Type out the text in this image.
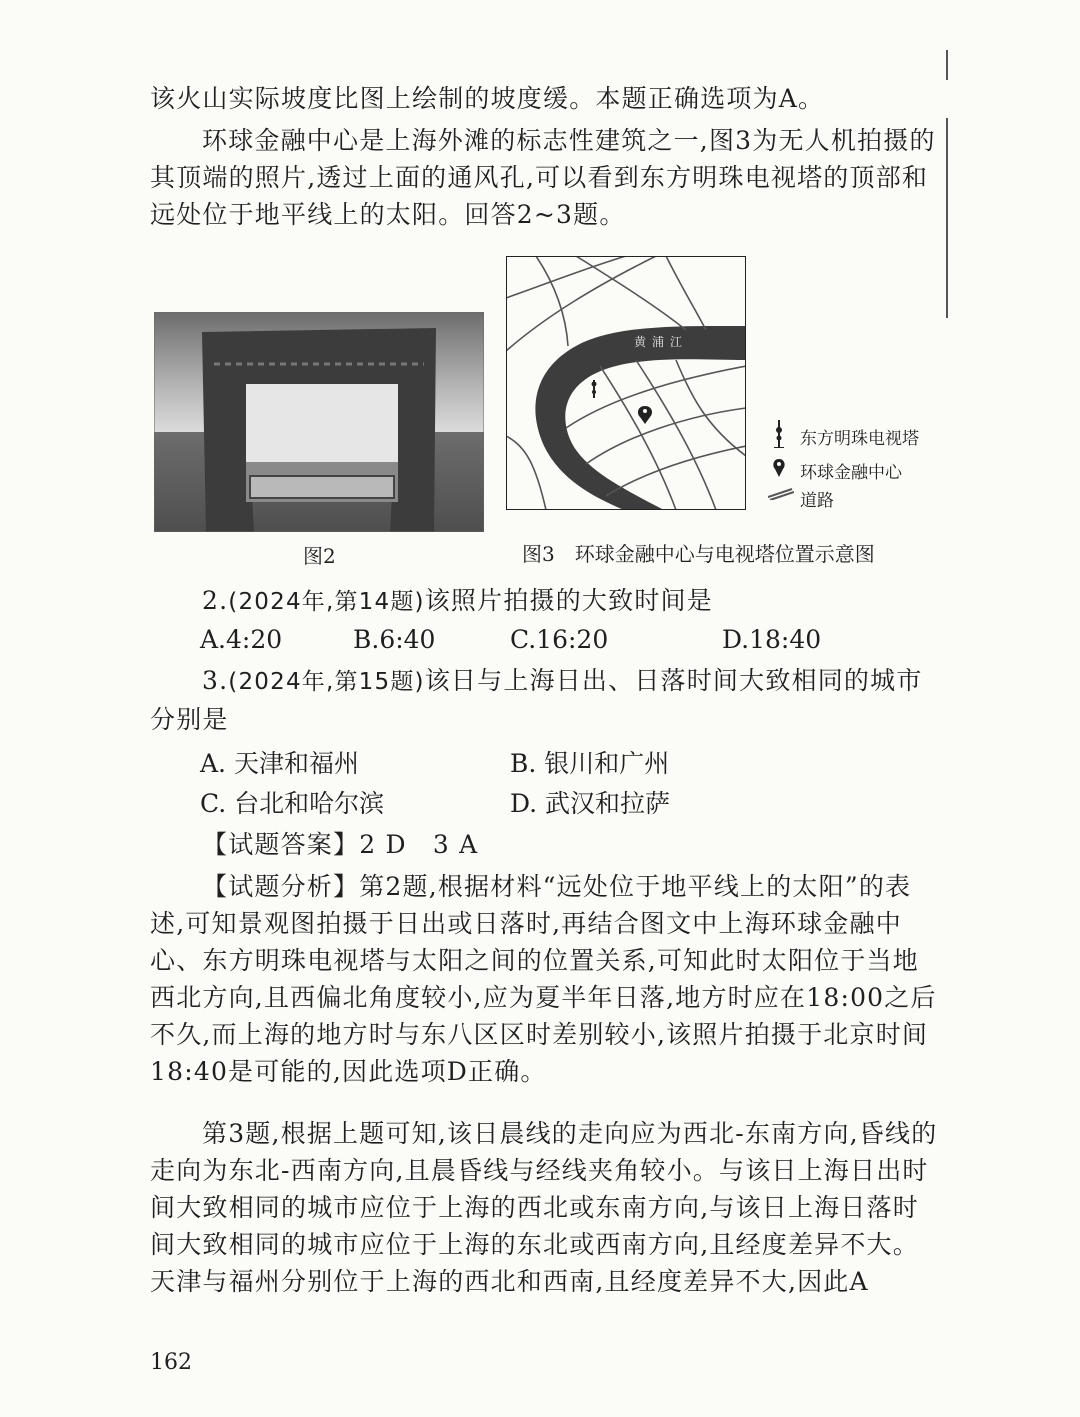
该火山实际坡度比图上绘制的坡度缓。本题正确选项为A。

环球金融中心是上海外滩的标志性建筑之一,图3为无人机拍摄的其顶端的照片,透过上面的通风孔,可以看到东方明珠电视塔的顶部和远处位于地平线上的太阳。回答2~3题。

图2
黄浦江
东方明珠电视塔
环球金融中心
道路
图3　环球金融中心与电视塔位置示意图

2.(2024年,第14题)该照片拍摄的大致时间是

A.4:20	B.6:40	C.16:20	D.18:40

3.(2024年,第15题)该日与上海日出、日落时间大致相同的城市分别是

A. 天津和福州	B. 银川和广州
C. 台北和哈尔滨	D. 武汉和拉萨

【试题答案】2 D　3 A

【试题分析】第2题,根据材料“远处位于地平线上的太阳”的表述,可知景观图拍摄于日出或日落时,再结合图文中上海环球金融中心、东方明珠电视塔与太阳之间的位置关系,可知此时太阳位于当地西北方向,且西偏北角度较小,应为夏半年日落,地方时应在18:00之后不久,而上海的地方时与东八区区时差别较小,该照片拍摄于北京时间18:40是可能的,因此选项D正确。

第3题,根据上题可知,该日晨线的走向应为西北-东南方向,昏线的走向为东北-西南方向,且晨昏线与经线夹角较小。与该日上海日出时间大致相同的城市应位于上海的西北或东南方向,与该日上海日落时间大致相同的城市应位于上海的东北或西南方向,且经度差异不大。天津与福州分别位于上海的西北和西南,且经度差异不大,因此A

162
